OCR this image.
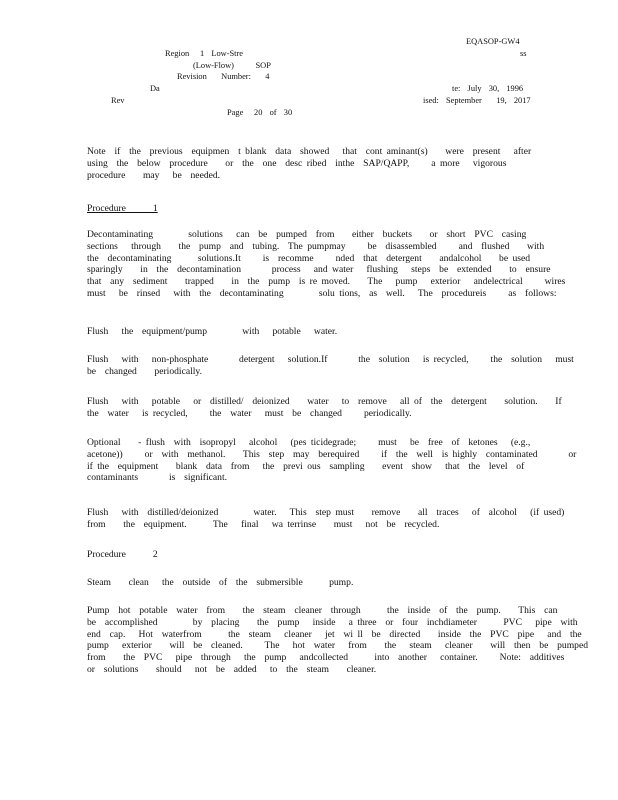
EQASOP-GW4
Region   1  Low-Stre	ss
(Low-Flow)      SOP
Revision    Number:    4
Da	te:  July  30,  1996
Rev	ised:  September    19,  2017
Page   20  of  30
Note  if  the  previous  equipmen  t blank  data  showed   that  cont aminant(s)    were  present   after
using  the  below  procedure    or  the  one  desc ribed  inthe  SAP/QAPP,     a more   vigorous
procedure    may   be  needed.
Procedure     1
Decontaminating        solutions   can  be  pumped  from    either  buckets    or  short  PVC  casing
sections   through    the  pump  and  tubing.  The pumpmay     be  disassembled     and  flushed    with
the  decontaminating      solutions.It     is  recomme     nded  that  detergent    andalcohol    be used
sparingly    in  the  decontamination       process   and water   flushing   steps  be  extended    to  ensure
that  any  sediment    trapped    in  the  pump  is re moved.    The   pump   exterior   andelectrical     wires
must   be  rinsed   with  the  decontaminating        solu tions,  as  well.   The  procedureis     as  follows:
Flush   the  equipment/pump        with   potable   water.
Flush   with   non-phosphate       detergent   solution.If       the  solution   is recycled,     the  solution   must
be  changed    periodically.
Flush   with   potable   or  distilled/  deionized    water   to  remove   all of  the  detergent    solution.    If
the  water   is recycled,     the  water   must  be  changed     periodically.
Optional    - flush  with  isopropyl   alcohol   (pes ticidegrade;     must   be  free  of  ketones   (e.g.,
acetone))     or  with  methanol.    This  step  may  berequired     if  the  well  is highly  contaminated       or
if the  equipment    blank  data  from   the  previ ous  sampling    event  show   that  the  level  of
contaminants       is  significant.
Flush   with  distilled/deionized        water.   This  step must    remove    all  traces   of  alcohol   (if used)
from    the  equipment.      The   final   wa terrinse    must   not  be  recycled.
Procedure     2
Steam    clean   the  outside  of  the  submersible      pump.
Pump  hot  potable  water  from    the  steam  cleaner  through      the  inside  of  the  pump.    This  can
be  accomplished        by  placing    the  pump   inside   a three  or  four  inchdiameter      PVC   pipe  with
end  cap.   Hot  waterfrom      the  steam   cleaner   jet  wi ll  be  directed    inside  the  PVC  pipe   and  the
pump   exterior    will  be  cleaned.     The   hot  water   from    the   steam   cleaner    will  then  be  pumped
from    the  PVC   pipe  through   the  pump   andcollected      into  another   container.     Note:  additives
or  solutions    should   not  be  added   to  the  steam    cleaner.
